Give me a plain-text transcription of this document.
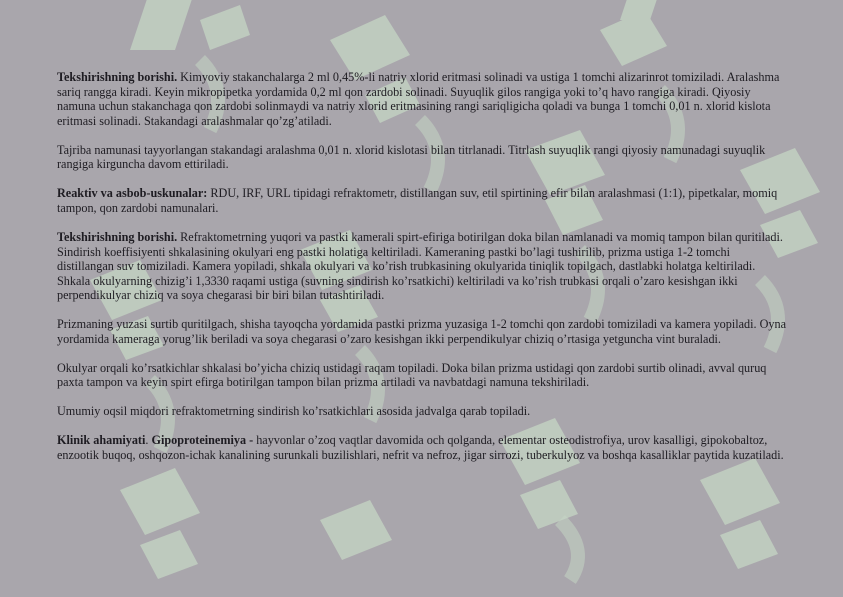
Tekshirishning borishi. Kimyoviy stakanchalarga 2 ml 0,45%-li natriy xlorid eritmasi solinadi va ustiga 1 tomchi alizarinrot tomiziladi. Aralashma sariq rangga kiradi. Keyin mikropipetka yordamida 0,2 ml qon zardobi solinadi. Suyuqlik gilos rangiga yoki to’q havo rangiga kiradi. Qiyosiy namuna uchun stakanchaga qon zardobi solinmaydi va natriy xlorid eritmasining rangi sariqligicha qoladi va bunga 1 tomchi 0,01 n. xlorid kislota eritmasi solinadi. Stakandagi aralashmalar qo’zg’atiladi.

Tajriba namunasi tayyorlangan stakandagi aralashma 0,01 n. xlorid kislotasi bilan titrlanadi. Titrlash suyuqlik rangi qiyosiy namunadagi suyuqlik rangiga kirguncha davom ettiriladi.

Reaktiv va asbob-uskunalar: RDU, IRF, URL tipidagi refraktometr, distillangan suv, etil spirtining efir bilan aralashmasi (1:1), pipetkalar, momiq tampon, qon zardobi namunalari.

Tekshirishning borishi. Refraktometrning yuqori va pastki kamerali spirt-efiriga botirilgan doka bilan namlanadi va momiq tampon bilan quritiladi. Sindirish koeffisiyenti shkalasining okulyari eng pastki holatiga keltiriladi. Kameraning pastki bo’lagi tushirilib, prizma ustiga 1-2 tomchi distillangan suv tomiziladi. Kamera yopiladi, shkala okulyari va ko’rish trubkasining okulyarida tiniqlik topilgach, dastlabki holatga keltiriladi. Shkala okulyarning chizig’i 1,3330 raqami ustiga (suvning sindirish ko’rsatkichi) keltiriladi va ko’rish trubkasi orqali o’zaro kesishgan ikki perpendikulyar chiziq va soya chegarasi bir biri bilan tutashtiriladi.

Prizmaning yuzasi surtib quritilgach, shisha tayoqcha yordamida pastki prizma yuzasiga 1-2 tomchi qon zardobi tomiziladi va kamera yopiladi. Oyna yordamida kameraga yorug’lik beriladi va soya chegarasi o’zaro kesishgan ikki perpendikulyar chiziq o’rtasiga yetguncha vint buraladi.

Okulyar orqali ko’rsatkichlar shkalasi bo’yicha chiziq ustidagi raqam topiladi. Doka bilan prizma ustidagi qon zardobi surtib olinadi, avval quruq paxta tampon va keyin spirt efirga botirilgan tampon bilan prizma artiladi va navbatdagi namuna tekshiriladi.

Umumiy oqsil miqdori refraktometrning sindirish ko’rsatkichlari asosida jadvalga qarab topiladi.

Klinik ahamiyati. Gipoproteinemiya - hayvonlar o’zoq vaqtlar davomida och qolganda, elementar osteodistrofiya, urov kasalligi, gipokobaltoz, enzootik buqoq, oshqozon-ichak kanalining surunkali buzilishlari, nefrit va nefroz, jigar sirrozi, tuberkulyoz va boshqa kasalliklar paytida kuzatiladi.
